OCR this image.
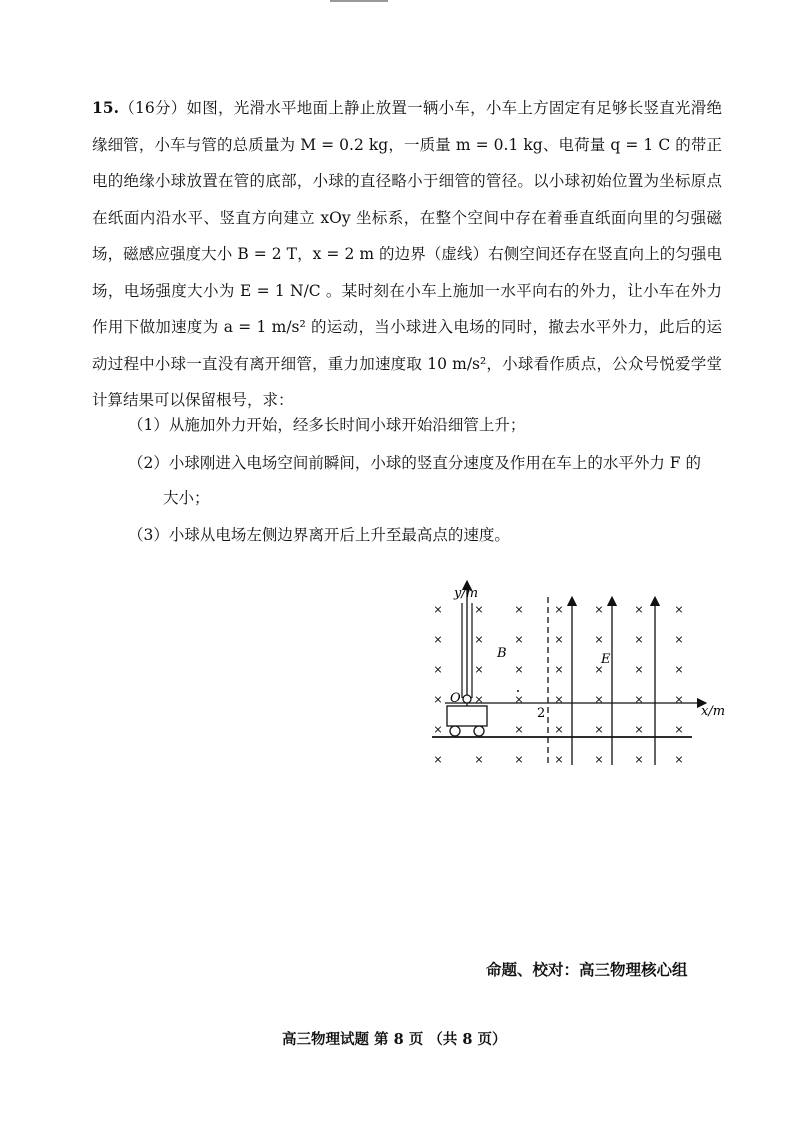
15.（16分）如图，光滑水平地面上静止放置一辆小车，小车上方固定有足够长竖直光滑绝缘细管，小车与管的总质量为 M = 0.2 kg，一质量 m = 0.1 kg、电荷量 q = 1 C 的带正电的绝缘小球放置在管的底部，小球的直径略小于细管的管径。以小球初始位置为坐标原点在纸面内沿水平、竖直方向建立 xOy 坐标系，在整个空间中存在着垂直纸面向里的匀强磁场，磁感应强度大小 B = 2 T，x = 2 m 的边界（虚线）右侧空间还存在竖直向上的匀强电场，电场强度大小为 E = 1 N/C 。某时刻在小车上施加一水平向右的外力，让小车在外力作用下做加速度为 a = 1 m/s² 的运动，当小球进入电场的同时，撤去水平外力，此后的运动过程中小球一直没有离开细管，重力加速度取 10 m/s²，小球看作质点，公众号悦爱学堂 计算结果可以保留根号，求：

（1）从施加外力开始，经多长时间小球开始沿细管上升；
（2）小球刚进入电场空间前瞬间，小球的竖直分速度及作用在车上的水平外力 F 的
大小；
（3）小球从电场左侧边界离开后上升至最高点的速度。
×	×	×	×	×	×	×
×	×	×	×	×	×	×
×	×	×	×	×	×	×
×	×	×	×	×	×	×
×	×	×	×	×	×
×	×	×	×	×	×	×
y/m
x/m
O
2
B	E
命题、校对：高三物理核心组
高三物理试题 第 8 页 （共 8 页）
